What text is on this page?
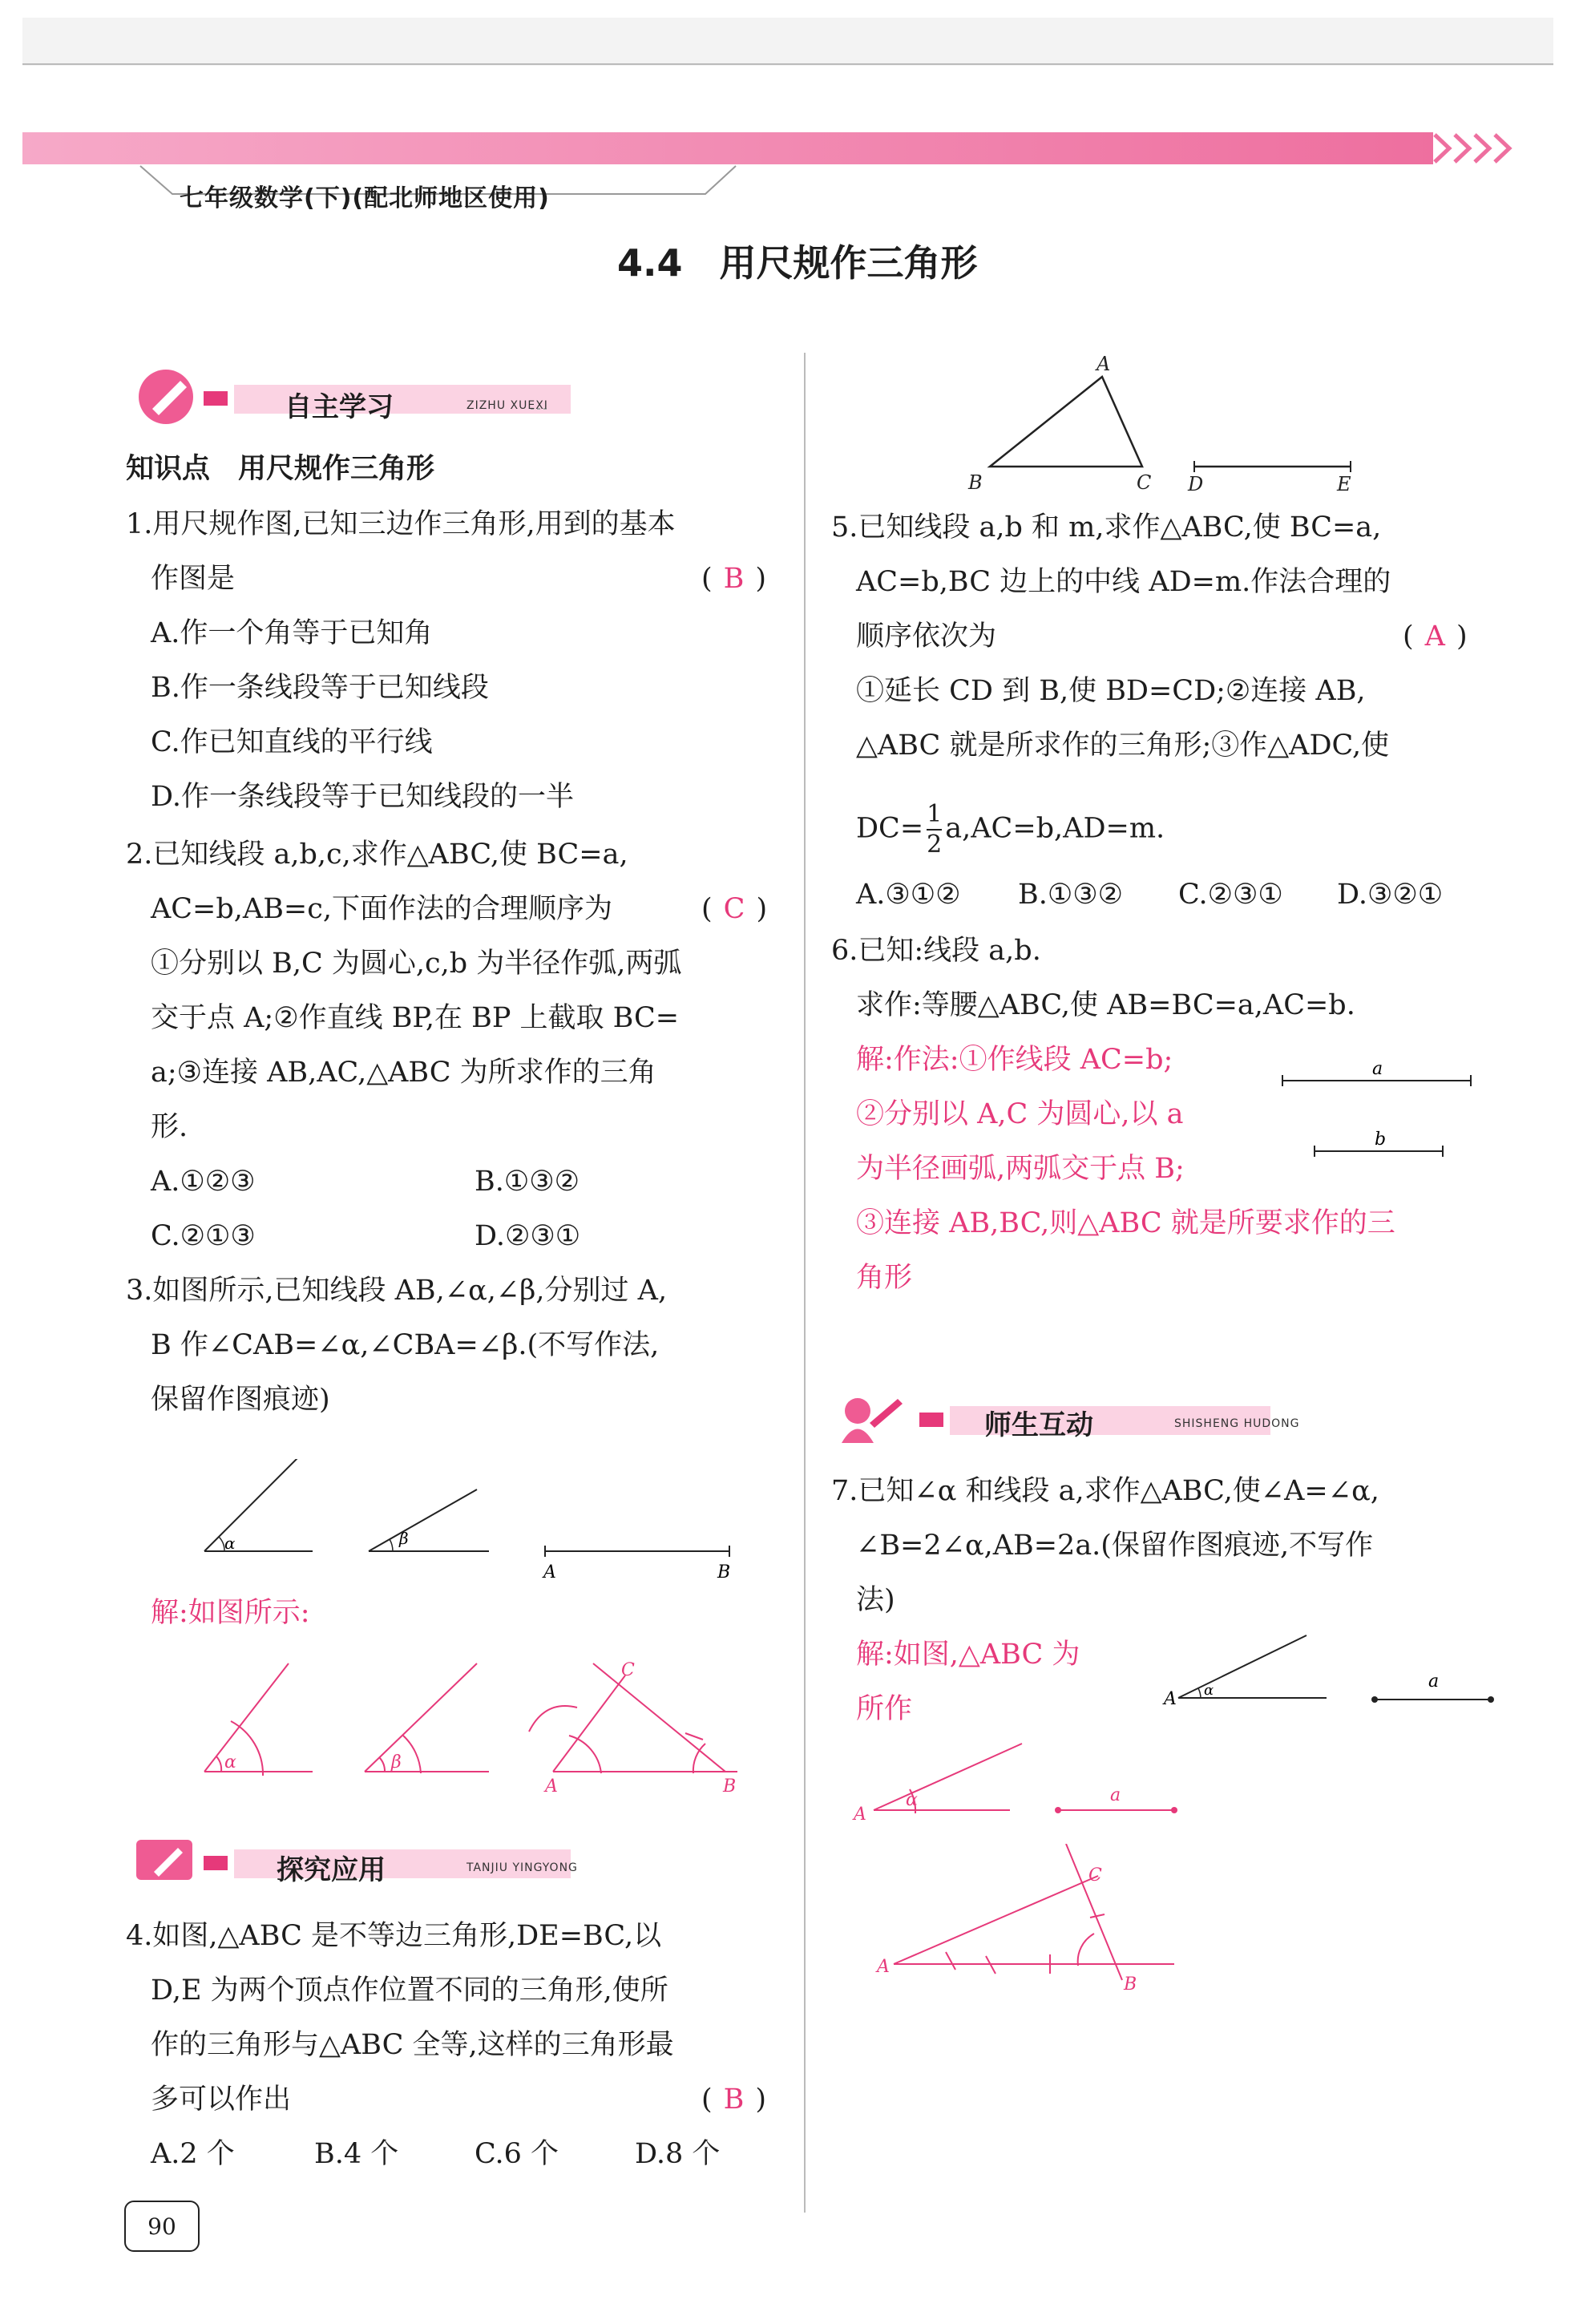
七年级数学(下)(配北师地区使用)
4.4　用尺规作三角形
自主学习	ZIZHU XUEXI
探究应用	TANJIU YINGYONG
师生互动	SHISHENG HUDONG
知识点　用尺规作三角形
1.用尺规作图,已知三边作三角形,用到的基本
作图是	( B )
A.作一个角等于已知角
B.作一条线段等于已知线段
C.作已知直线的平行线
D.作一条线段等于已知线段的一半
2.已知线段 a,b,c,求作△ABC,使 BC=a,
AC=b,AB=c,下面作法的合理顺序为	( C )
①分别以 B,C 为圆心,c,b 为半径作弧,两弧
交于点 A;②作直线 BP,在 BP 上截取 BC=
a;③连接 AB,AC,△ABC 为所求作的三角
形.
A.①②③	B.①③②
C.②①③	D.②③①
3.如图所示,已知线段 AB,∠α,∠β,分别过 A,
B 作∠CAB=∠α,∠CBA=∠β.(不写作法,
保留作图痕迹)
α	β
A	B
解:如图所示:
α	β
A	B
C
4.如图,△ABC 是不等边三角形,DE=BC,以
D,E 为两个顶点作位置不同的三角形,使所
作的三角形与△ABC 全等,这样的三角形最
多可以作出	( B )
A.2 个	B.4 个	C.6 个	D.8 个
90
A
B	C D	E
5.已知线段 a,b 和 m,求作△ABC,使 BC=a,
AC=b,BC 边上的中线 AD=m.作法合理的
顺序依次为	( A )
①延长 CD 到 B,使 BD=CD;②连接 AB,
△ABC 就是所求作的三角形;③作△ADC,使
$DC= \frac{1}{2} a,AC=b,AD=m$.
A.③①② B.①③② C.②③① D.③②①
6.已知:线段 a,b.
求作:等腰△ABC,使 AB=BC=a,AC=b.
解:作法:①作线段 AC=b;
②分别以 A,C 为圆心,以 a
为半径画弧,两弧交于点 B;
③连接 AB,BC,则△ABC 就是所要求作的三
角形
a
b
7.已知∠α 和线段 a,求作△ABC,使∠A=∠α,
∠B=2∠α,AB=2a.(保留作图痕迹,不写作
法)
解:如图,△ABC 为
所作	A α	a
A
α	a
A
B
C
